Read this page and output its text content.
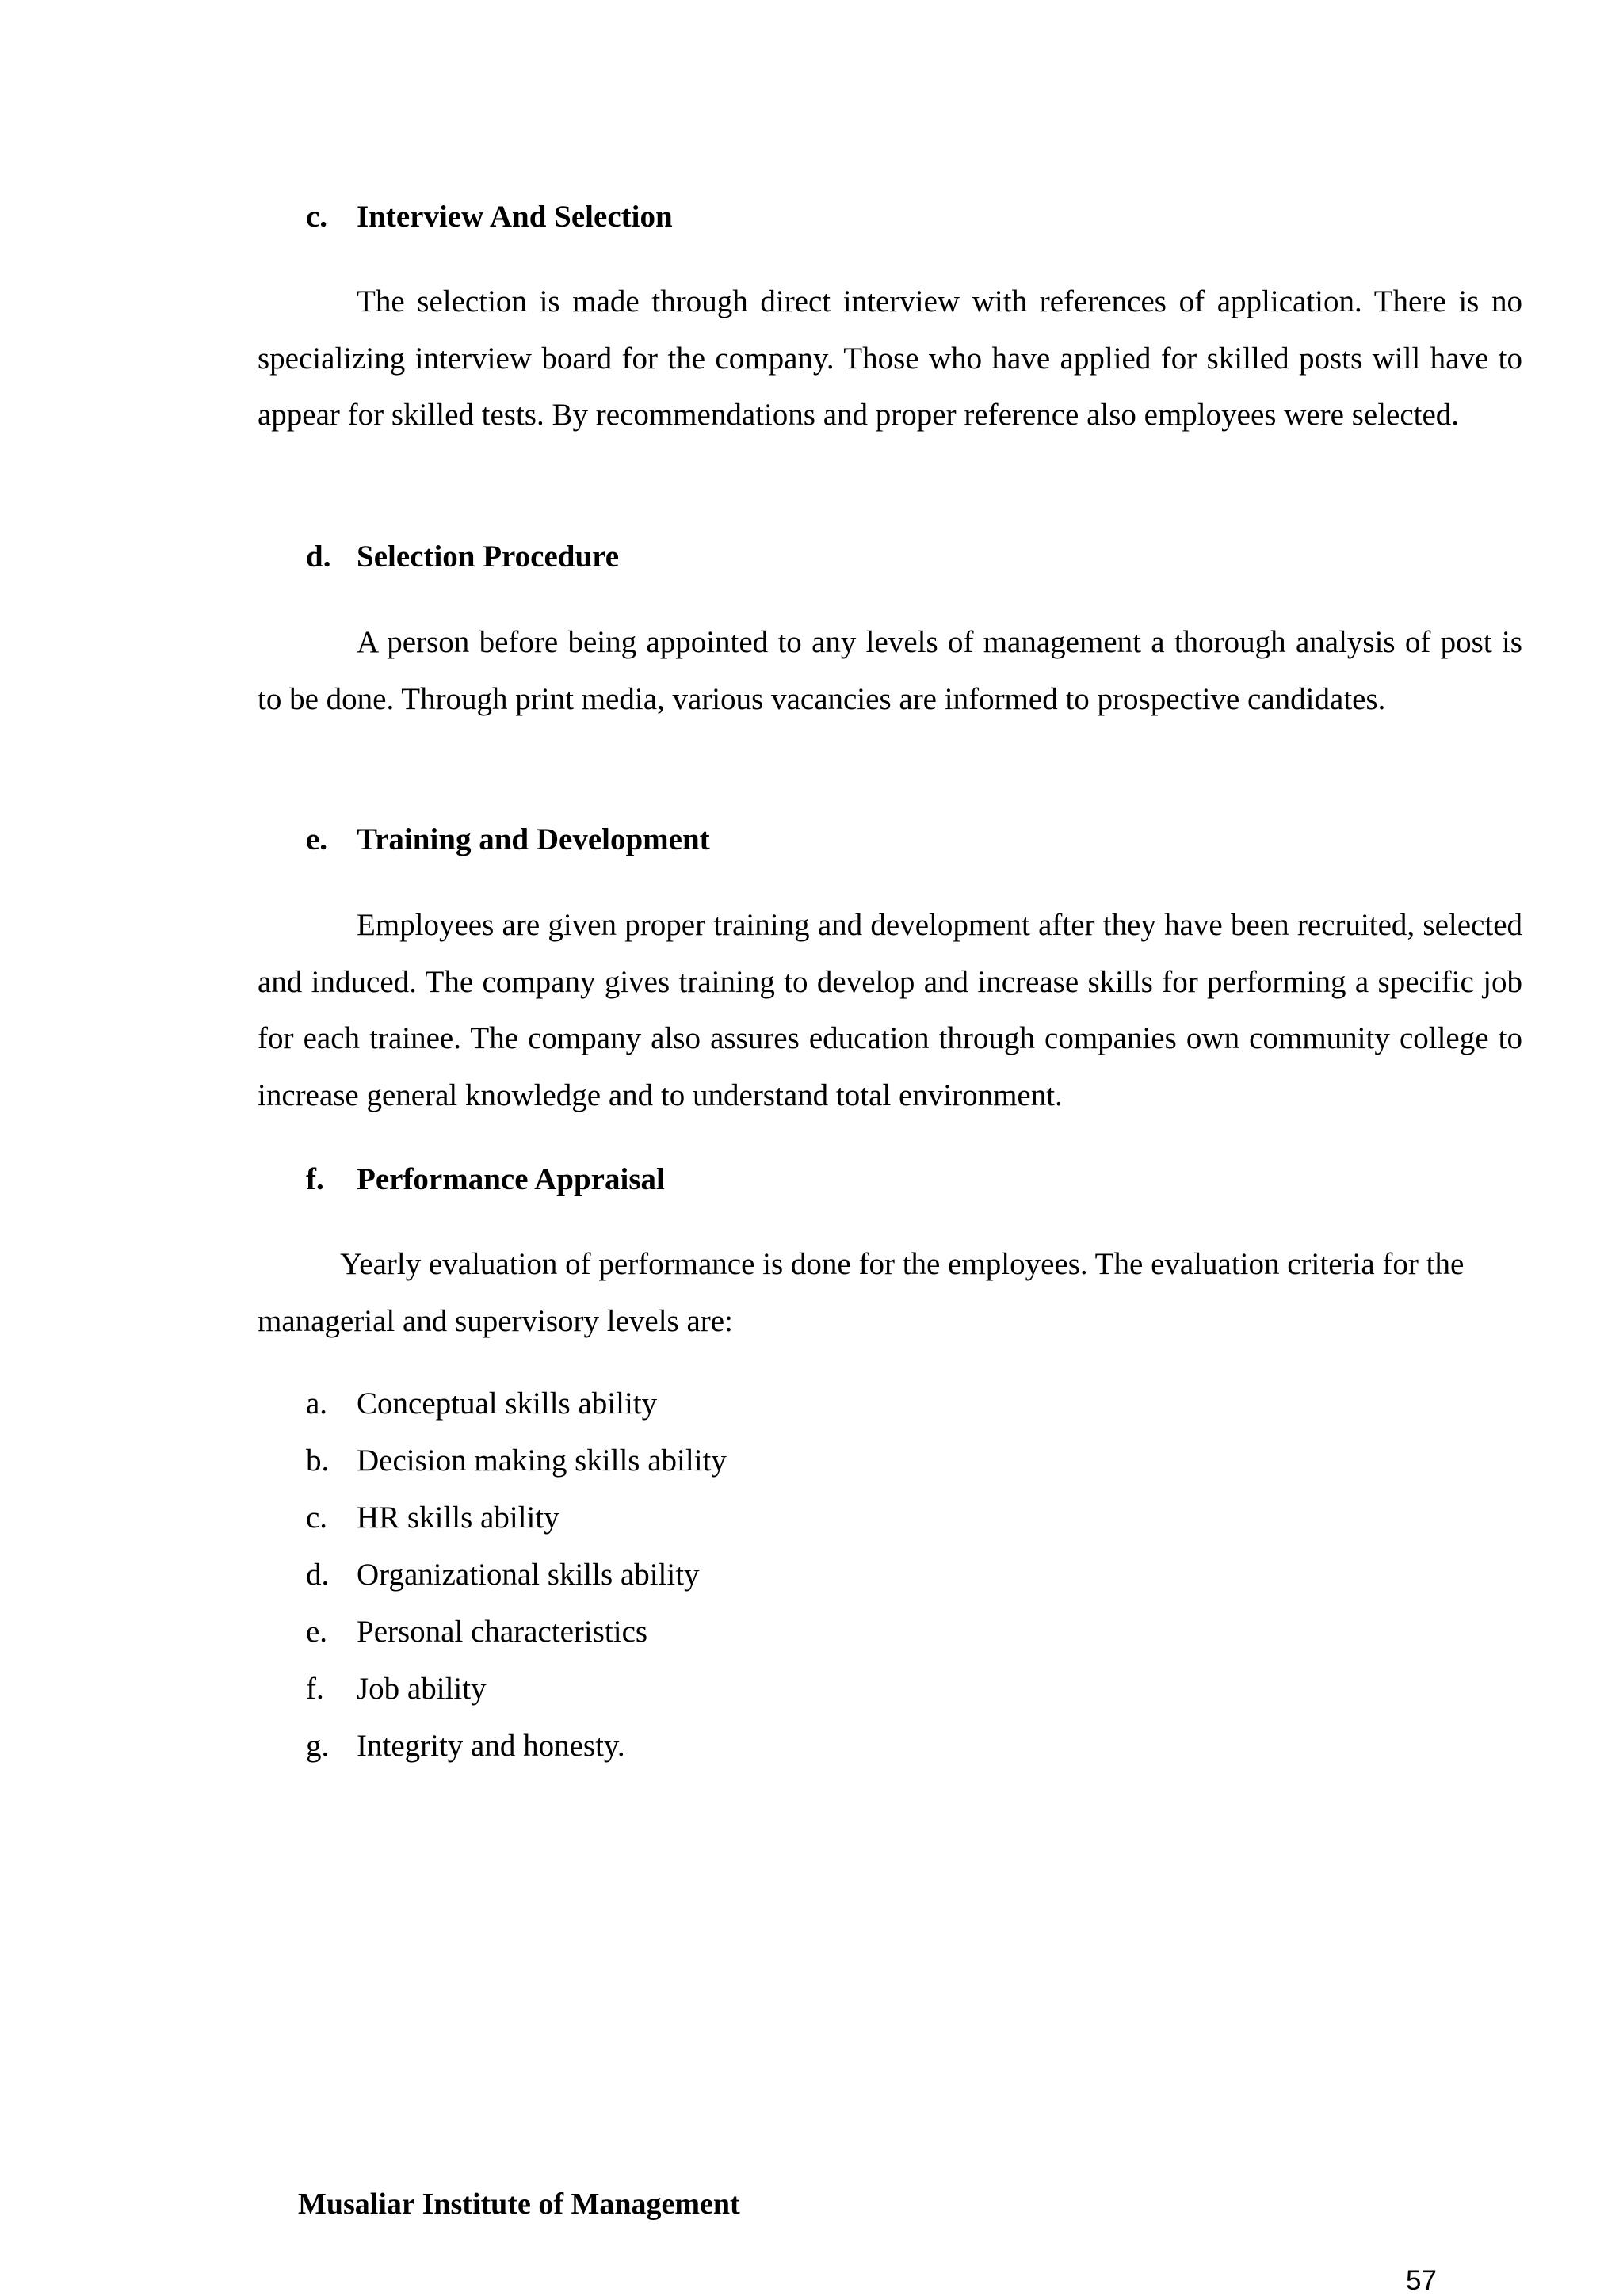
c. Interview And Selection

The selection is made through direct interview with references of application. There is no specializing interview board for the company. Those who have applied for skilled posts will have to appear for skilled tests. By recommendations and proper reference also employees were selected.

d. Selection Procedure

A person before being appointed to any levels of management a thorough analysis of post is to be done. Through print media, various vacancies are informed to prospective candidates.

e. Training and Development

Employees are given proper training and development after they have been recruited, selected and induced. The company gives training to develop and increase skills for performing a specific job for each trainee. The company also assures education through companies own community college to increase general knowledge and to understand total environment.

f. Performance Appraisal

Yearly evaluation of performance is done for the employees. The evaluation criteria for the managerial and supervisory levels are:

a. Conceptual skills ability
b. Decision making skills ability
c. HR skills ability
d. Organizational skills ability
e. Personal characteristics
f. Job ability
g. Integrity and honesty.
Musaliar Institute of Management
57
